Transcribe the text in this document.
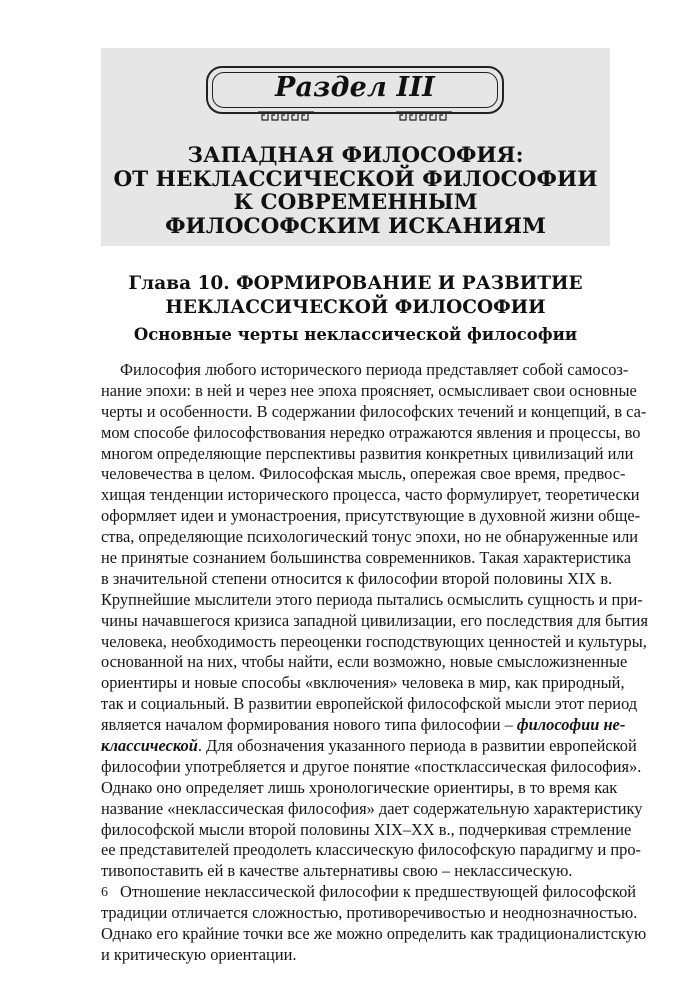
Раздел III
ЗАПАДНАЯ ФИЛОСОФИЯ:
ОТ НЕКЛАССИЧЕСКОЙ ФИЛОСОФИИ
К СОВРЕМЕННЫМ
ФИЛОСОФСКИМ ИСКАНИЯМ
Глава 10. ФОРМИРОВАНИЕ И РАЗВИТИЕ
НЕКЛАССИЧЕСКОЙ ФИЛОСОФИИ
Основные черты неклассической философии
Философия любого исторического периода представляет собой самосоз-
нание эпохи: в ней и через нее эпоха проясняет, осмысливает свои основные
черты и особенности. В содержании философских течений и концепций, в са-
мом способе философствования нередко отражаются явления и процессы, во
многом определяющие перспективы развития конкретных цивилизаций или
человечества в целом. Философская мысль, опережая свое время, предвос-
хищая тенденции исторического процесса, часто формулирует, теоретически
оформляет идеи и умонастроения, присутствующие в духовной жизни обще-
ства, определяющие психологический тонус эпохи, но не обнаруженные или
не принятые сознанием большинства современников. Такая характеристика
в значительной степени относится к философии второй половины XIX в.
Крупнейшие мыслители этого периода пытались осмыслить сущность и при-
чины начавшегося кризиса западной цивилизации, его последствия для бытия
человека, необходимость переоценки господствующих ценностей и культуры,
основанной на них, чтобы найти, если возможно, новые смысложизненные
ориентиры и новые способы «включения» человека в мир, как природный,
так и социальный. В развитии европейской философской мысли этот период
является началом формирования нового типа философии – философии не-
классической . Для обозначения указанного периода в развитии европейской
философии употребляется и другое понятие «постклассическая философия».
Однако оно определяет лишь хронологические ориентиры, в то время как
название «неклассическая философия» дает содержательную характеристику
философской мысли второй половины XIX–XX в., подчеркивая стремление
ее представителей преодолеть классическую философскую парадигму и про-
тивопоставить ей в качестве альтернативы свою – неклассическую.
Отношение неклассической философии к предшествующей философской
традиции отличается сложностью, противоречивостью и неоднозначностью.
Однако его крайние точки все же можно определить как традиционалистскую
и критическую ориентации.
6
